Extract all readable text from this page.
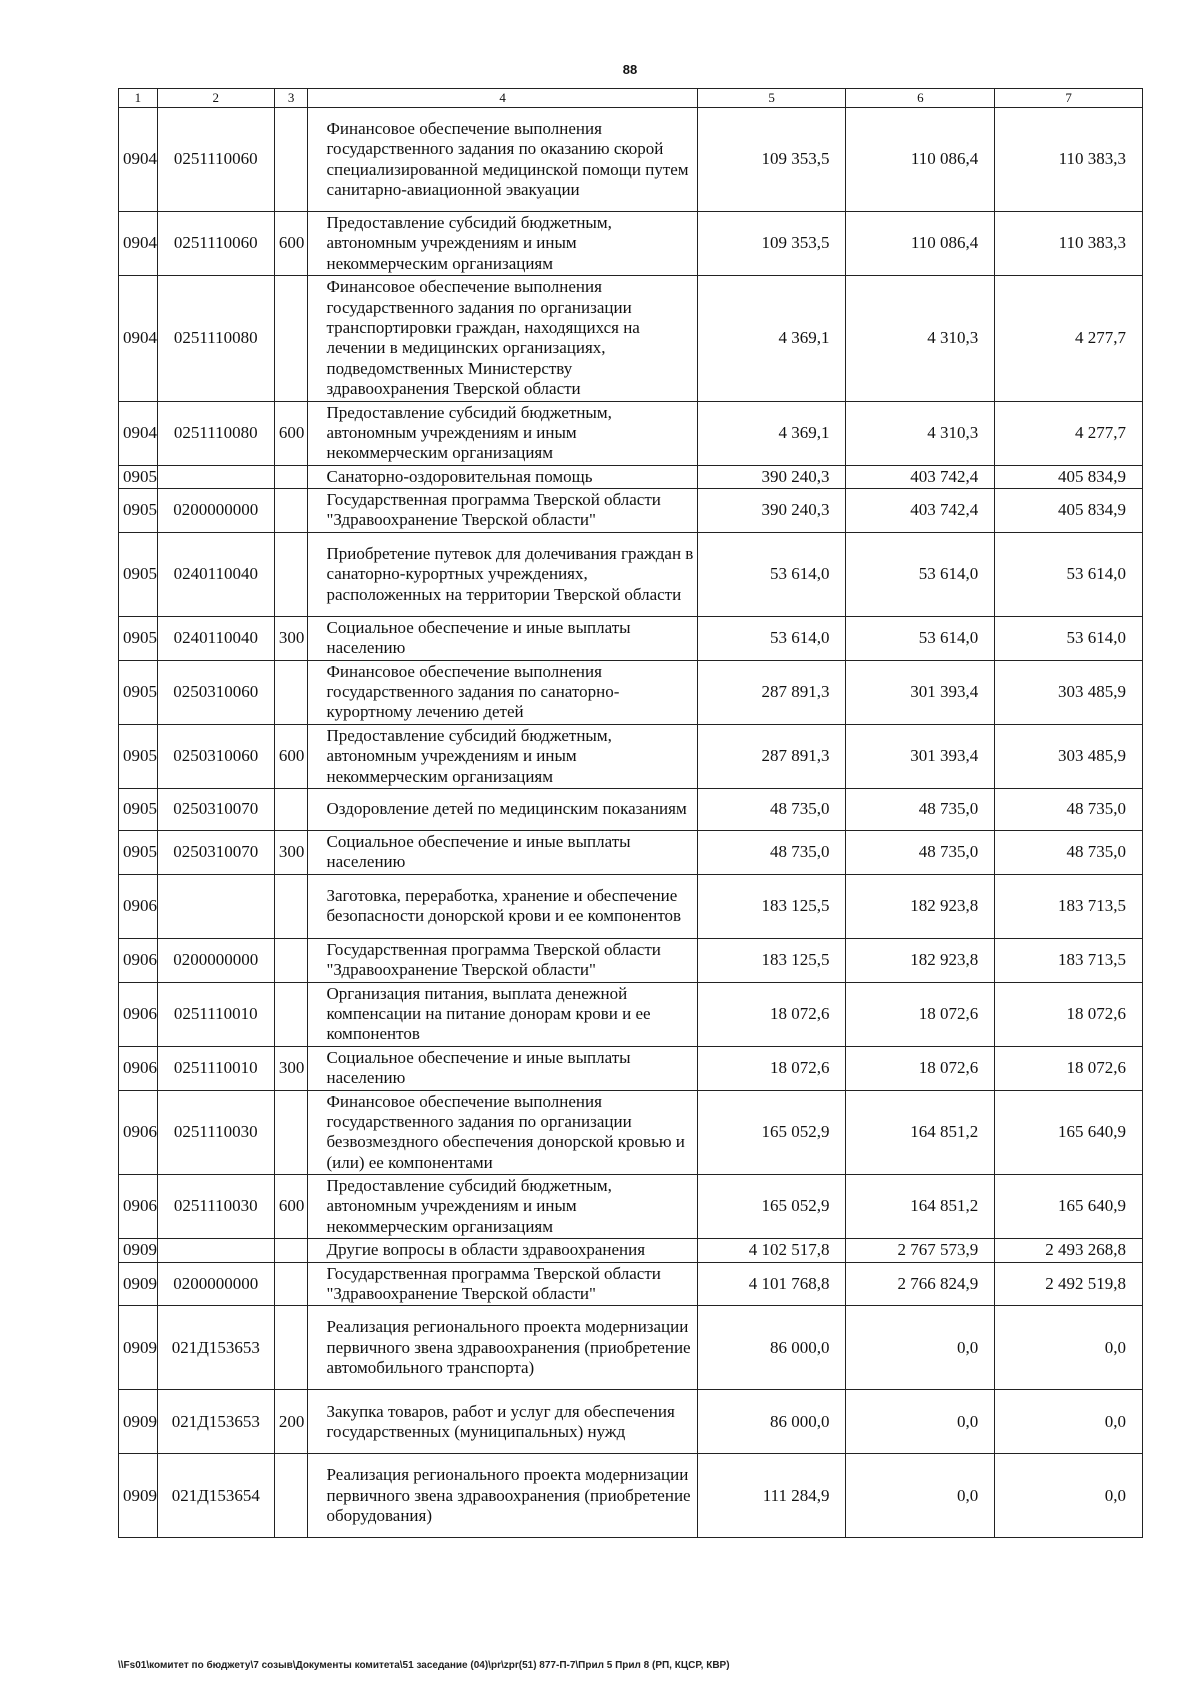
88
1	2	3	4	5	6	7
0904	0251110060		Финансовое обеспечение выполнения государственного задания по оказанию скорой специализированной медицинской помощи путем санитарно-авиационной эвакуации	109 353,5	110 086,4	110 383,3
0904	0251110060	600	Предоставление субсидий бюджетным, автономным учреждениям и иным некоммерческим организациям	109 353,5	110 086,4	110 383,3
0904	0251110080		Финансовое обеспечение выполнения государственного задания по организации транспортировки граждан, находящихся на лечении в медицинских организациях, подведомственных Министерству здравоохранения Тверской области	4 369,1	4 310,3	4 277,7
0904	0251110080	600	Предоставление субсидий бюджетным, автономным учреждениям и иным некоммерческим организациям	4 369,1	4 310,3	4 277,7
0905			Санаторно-оздоровительная помощь	390 240,3	403 742,4	405 834,9
0905	0200000000		Государственная программа Тверской области "Здравоохранение Тверской области"	390 240,3	403 742,4	405 834,9
0905	0240110040		Приобретение путевок для долечивания граждан в санаторно-курортных учреждениях, расположенных на территории Тверской области	53 614,0	53 614,0	53 614,0
0905	0240110040	300	Социальное обеспечение и иные выплаты населению	53 614,0	53 614,0	53 614,0
0905	0250310060		Финансовое обеспечение выполнения государственного задания по санаторно-курортному лечению детей	287 891,3	301 393,4	303 485,9
0905	0250310060	600	Предоставление субсидий бюджетным, автономным учреждениям и иным некоммерческим организациям	287 891,3	301 393,4	303 485,9
0905	0250310070		Оздоровление детей по медицинским показаниям	48 735,0	48 735,0	48 735,0
0905	0250310070	300	Социальное обеспечение и иные выплаты населению	48 735,0	48 735,0	48 735,0
0906			Заготовка, переработка, хранение и обеспечение безопасности донорской крови и ее компонентов	183 125,5	182 923,8	183 713,5
0906	0200000000		Государственная программа Тверской области "Здравоохранение Тверской области"	183 125,5	182 923,8	183 713,5
0906	0251110010		Организация питания, выплата денежной компенсации на питание донорам крови и ее компонентов	18 072,6	18 072,6	18 072,6
0906	0251110010	300	Социальное обеспечение и иные выплаты населению	18 072,6	18 072,6	18 072,6
0906	0251110030		Финансовое обеспечение выполнения государственного задания по организации безвозмездного обеспечения донорской кровью и (или) ее компонентами	165 052,9	164 851,2	165 640,9
0906	0251110030	600	Предоставление субсидий бюджетным, автономным учреждениям и иным некоммерческим организациям	165 052,9	164 851,2	165 640,9
0909			Другие вопросы в области здравоохранения	4 102 517,8	2 767 573,9	2 493 268,8
0909	0200000000		Государственная программа Тверской области "Здравоохранение Тверской области"	4 101 768,8	2 766 824,9	2 492 519,8
0909	021Д153653		Реализация регионального проекта модернизации первичного звена здравоохранения (приобретение автомобильного транспорта)	86 000,0	0,0	0,0
0909	021Д153653	200	Закупка товаров, работ и услуг для обеспечения государственных (муниципальных) нужд	86 000,0	0,0	0,0
0909	021Д153654		Реализация регионального проекта модернизации первичного звена здравоохранения (приобретение оборудования)	111 284,9	0,0	0,0
\\Fs01\комитет по бюджету\7 созыв\Документы комитета\51 заседание (04)\pr\zpr(51) 877-П-7\Прил 5 Прил 8 (РП, КЦСР, КВР)
